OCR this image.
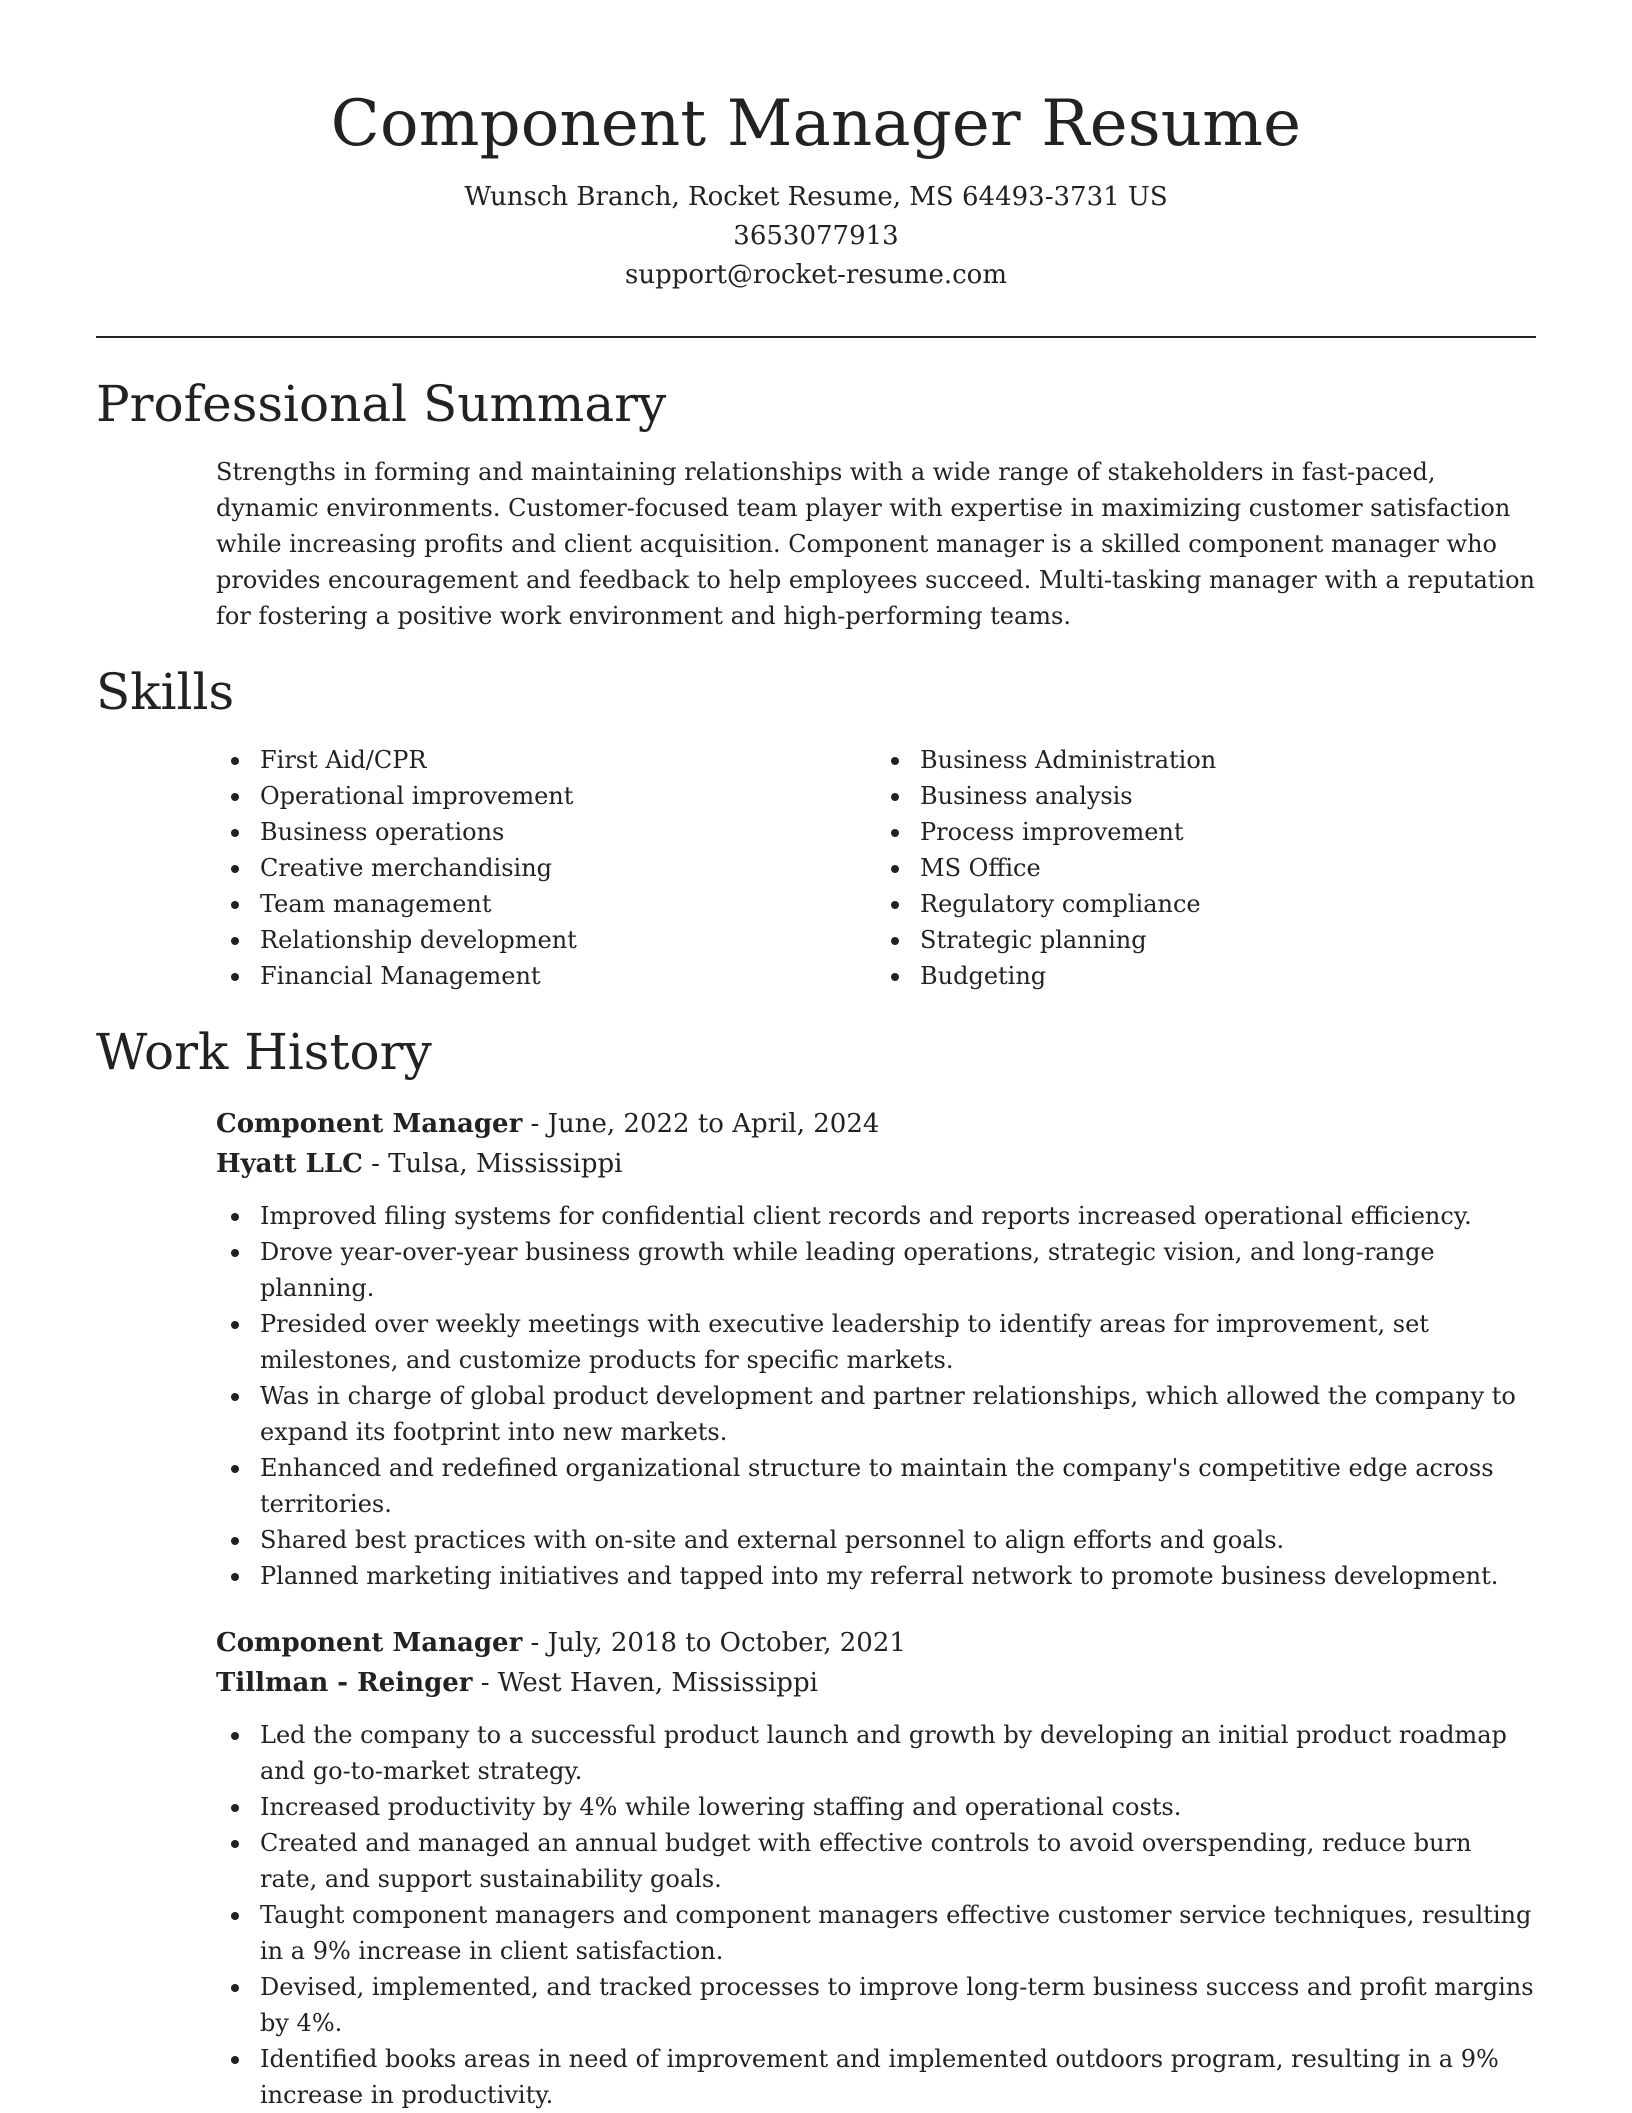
Component Manager Resume
Wunsch Branch, Rocket Resume, MS 64493-3731 US
3653077913
support@rocket-resume.com
Professional Summary

Strengths in forming and maintaining relationships with a wide range of stakeholders in fast-paced, dynamic environments. Customer-focused team player with expertise in maximizing customer satisfaction while increasing profits and client acquisition. Component manager is a skilled component manager who provides encouragement and feedback to help employees succeed. Multi-tasking manager with a reputation for fostering a positive work environment and high-performing teams.

Skills
First Aid/CPR
Operational improvement
Business operations
Creative merchandising
Team management
Relationship development
Financial Management
Business Administration
Business analysis
Process improvement
MS Office
Regulatory compliance
Strategic planning
Budgeting
Work History
Component Manager - June, 2022 to April, 2024
Hyatt LLC - Tulsa, Mississippi
Improved filing systems for confidential client records and reports increased operational efficiency.
Drove year-over-year business growth while leading operations, strategic vision, and long-range planning.
Presided over weekly meetings with executive leadership to identify areas for improvement, set milestones, and customize products for specific markets.
Was in charge of global product development and partner relationships, which allowed the company to expand its footprint into new markets.
Enhanced and redefined organizational structure to maintain the company's competitive edge across territories.
Shared best practices with on-site and external personnel to align efforts and goals.
Planned marketing initiatives and tapped into my referral network to promote business development.
Component Manager - July, 2018 to October, 2021
Tillman - Reinger - West Haven, Mississippi
Led the company to a successful product launch and growth by developing an initial product roadmap and go-to-market strategy.
Increased productivity by 4% while lowering staffing and operational costs.
Created and managed an annual budget with effective controls to avoid overspending, reduce burn rate, and support sustainability goals.
Taught component managers and component managers effective customer service techniques, resulting in a 9% increase in client satisfaction.
Devised, implemented, and tracked processes to improve long-term business success and profit margins by 4%.
Identified books areas in need of improvement and implemented outdoors program, resulting in a 9% increase in productivity.
